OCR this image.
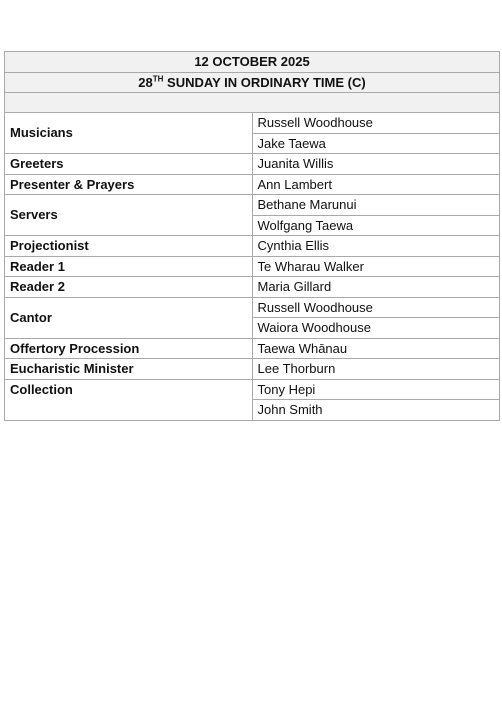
12 OCTOBER 2025	
28TH SUNDAY IN ORDINARY TIME (C)	

Musicians	Russell Woodhouse
	Jake Taewa
Greeters	Juanita Willis
Presenter & Prayers	Ann Lambert
Servers	Bethane Marunui
	Wolfgang Taewa
Projectionist	Cynthia Ellis
Reader 1	Te Wharau Walker
Reader 2	Maria Gillard
Cantor	Russell Woodhouse
	Waiora Woodhouse
Offertory Procession	Taewa Whānau
Eucharistic Minister	Lee Thorburn
Collection	Tony Hepi
	John Smith
